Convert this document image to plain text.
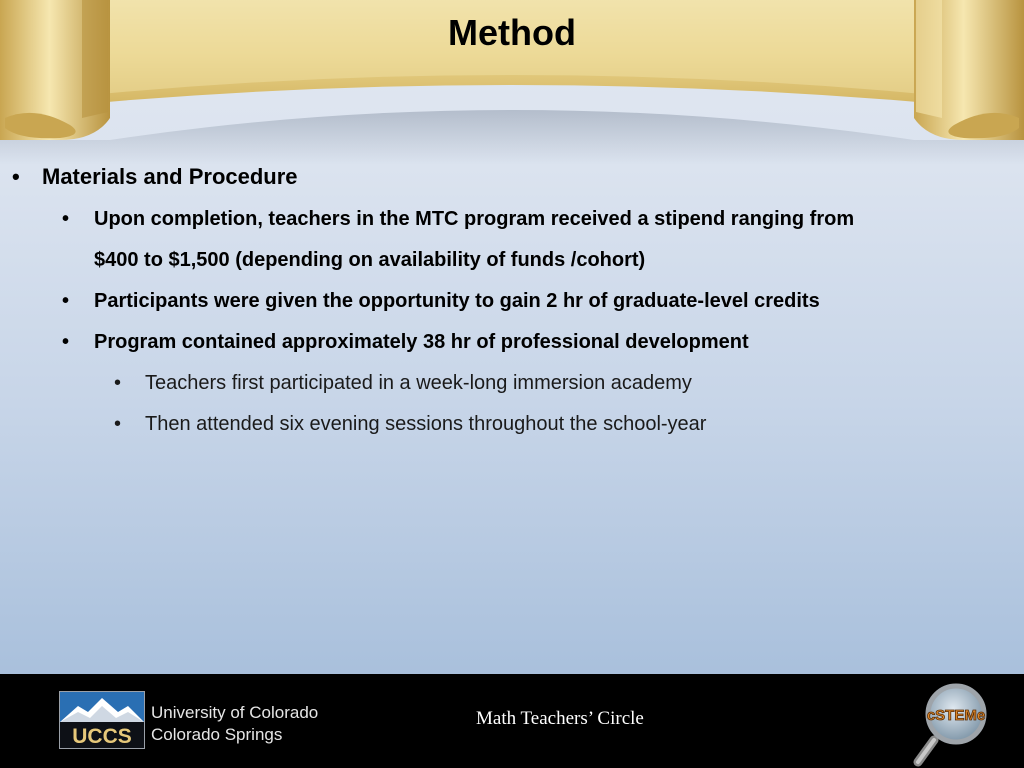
Method
• Materials and Procedure
• Upon completion, teachers in the MTC program received a stipend ranging from
$400 to $1,500 (depending on availability of funds /cohort)
• Participants were given the opportunity to gain 2 hr of graduate-level credits
• Program contained approximately 38 hr of professional development
• Teachers first participated in a week-long immersion academy
• Then attended six evening sessions throughout the school-year
UCCS
University of Colorado
Colorado Springs
Math Teachers’ Circle	cSTEMe
